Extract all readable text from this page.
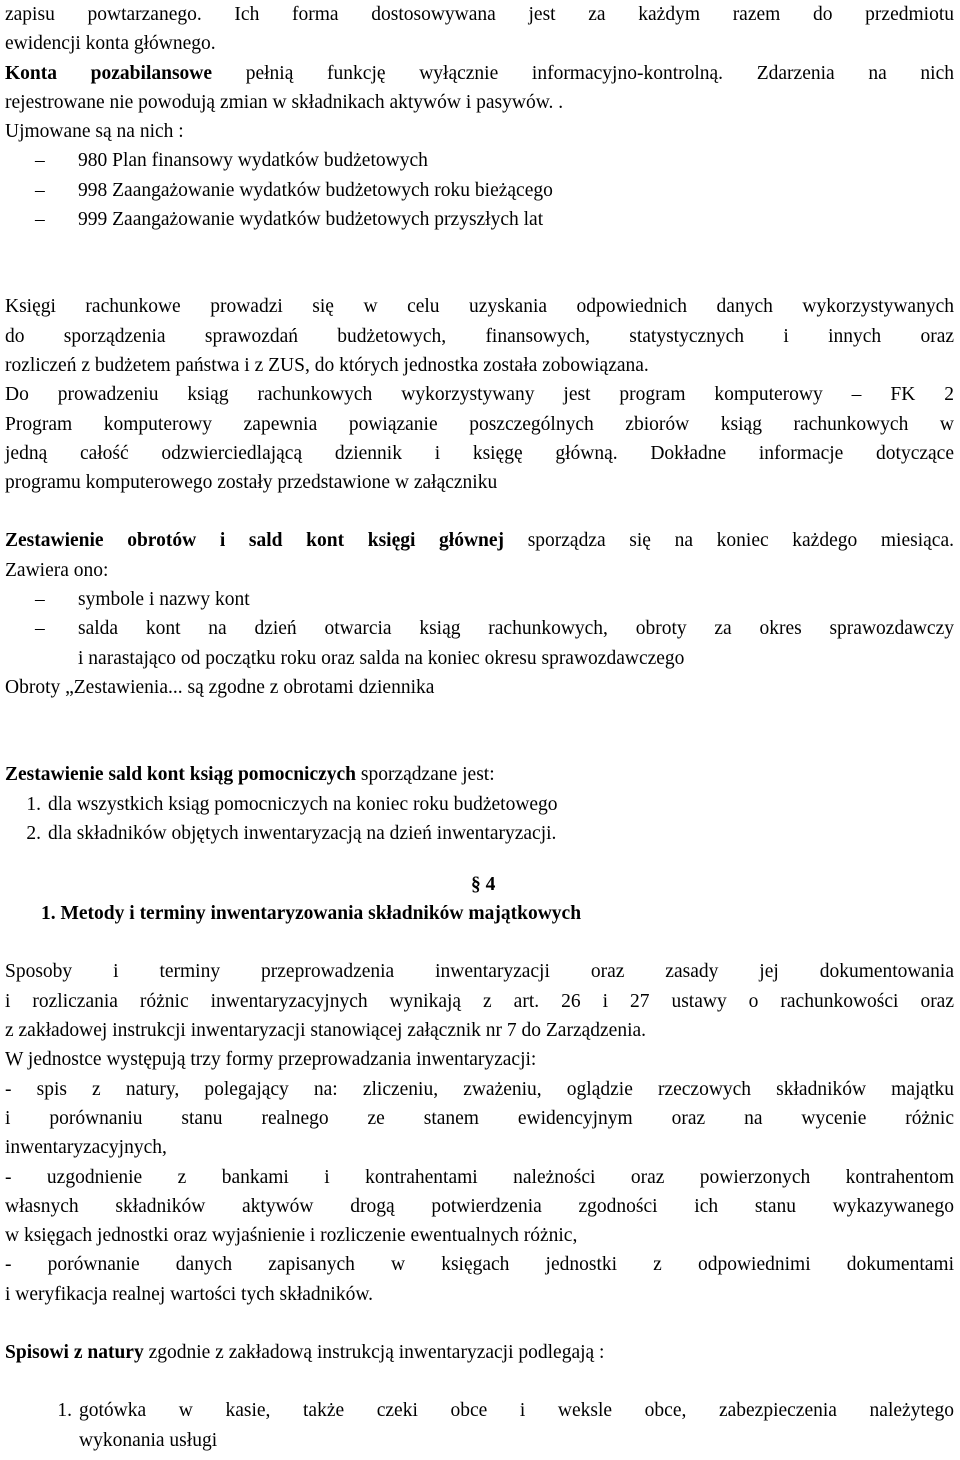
zapisu powtarzanego. Ich forma dostosowywana jest za każdym razem do przedmiotu
ewidencji konta głównego.
Konta pozabilansowe pełnią funkcję wyłącznie informacyjno-kontrolną. Zdarzenia na nich
rejestrowane nie powodują zmian w składnikach aktywów i pasywów. .
Ujmowane są na nich :
– 980 Plan finansowy wydatków budżetowych
– 998 Zaangażowanie wydatków budżetowych roku bieżącego
– 999 Zaangażowanie wydatków budżetowych przyszłych lat
Księgi rachunkowe prowadzi się w celu uzyskania odpowiednich danych wykorzystywanych
do sporządzenia sprawozdań budżetowych, finansowych, statystycznych i innych oraz
rozliczeń z budżetem państwa i z ZUS, do których jednostka została zobowiązana.
Do prowadzeniu ksiąg rachunkowych wykorzystywany jest program komputerowy – FK 2
Program komputerowy zapewnia powiązanie poszczególnych zbiorów ksiąg rachunkowych w
jedną całość odzwierciedlającą dziennik i księgę główną. Dokładne informacje dotyczące
programu komputerowego zostały przedstawione w załączniku
Zestawienie obrotów i sald kont księgi głównej sporządza się na koniec każdego miesiąca.
Zawiera ono:
– symbole i nazwy kont
– salda kont na dzień otwarcia ksiąg rachunkowych, obroty za okres sprawozdawczy
i narastająco od początku roku oraz salda na koniec okresu sprawozdawczego
Obroty „Zestawienia... są zgodne z obrotami dziennika
Zestawienie sald kont ksiąg pomocniczych sporządzane jest:
1. dla wszystkich ksiąg pomocniczych na koniec roku budżetowego
2. dla składników objętych inwentaryzacją na dzień inwentaryzacji.
§ 4
1. Metody i terminy inwentaryzowania składników majątkowych
Sposoby i terminy przeprowadzenia inwentaryzacji oraz zasady jej dokumentowania
i rozliczania różnic inwentaryzacyjnych wynikają z art. 26 i 27 ustawy o rachunkowości oraz
z zakładowej instrukcji inwentaryzacji stanowiącej załącznik nr 7 do Zarządzenia.
W jednostce występują trzy formy przeprowadzania inwentaryzacji:
- spis z natury, polegający na: zliczeniu, zważeniu, oglądzie rzeczowych składników majątku
i porównaniu stanu realnego ze stanem ewidencyjnym oraz na wycenie różnic
inwentaryzacyjnych,
- uzgodnienie z bankami i kontrahentami należności oraz powierzonych kontrahentom
własnych składników aktywów drogą potwierdzenia zgodności ich stanu wykazywanego
w księgach jednostki oraz wyjaśnienie i rozliczenie ewentualnych różnic,
- porównanie danych zapisanych w księgach jednostki z odpowiednimi dokumentami
i weryfikacja realnej wartości tych składników.
Spisowi z natury zgodnie z zakładową instrukcją inwentaryzacji podlegają :
1. gotówka w kasie, także czeki obce i weksle obce, zabezpieczenia należytego
wykonania usługi
